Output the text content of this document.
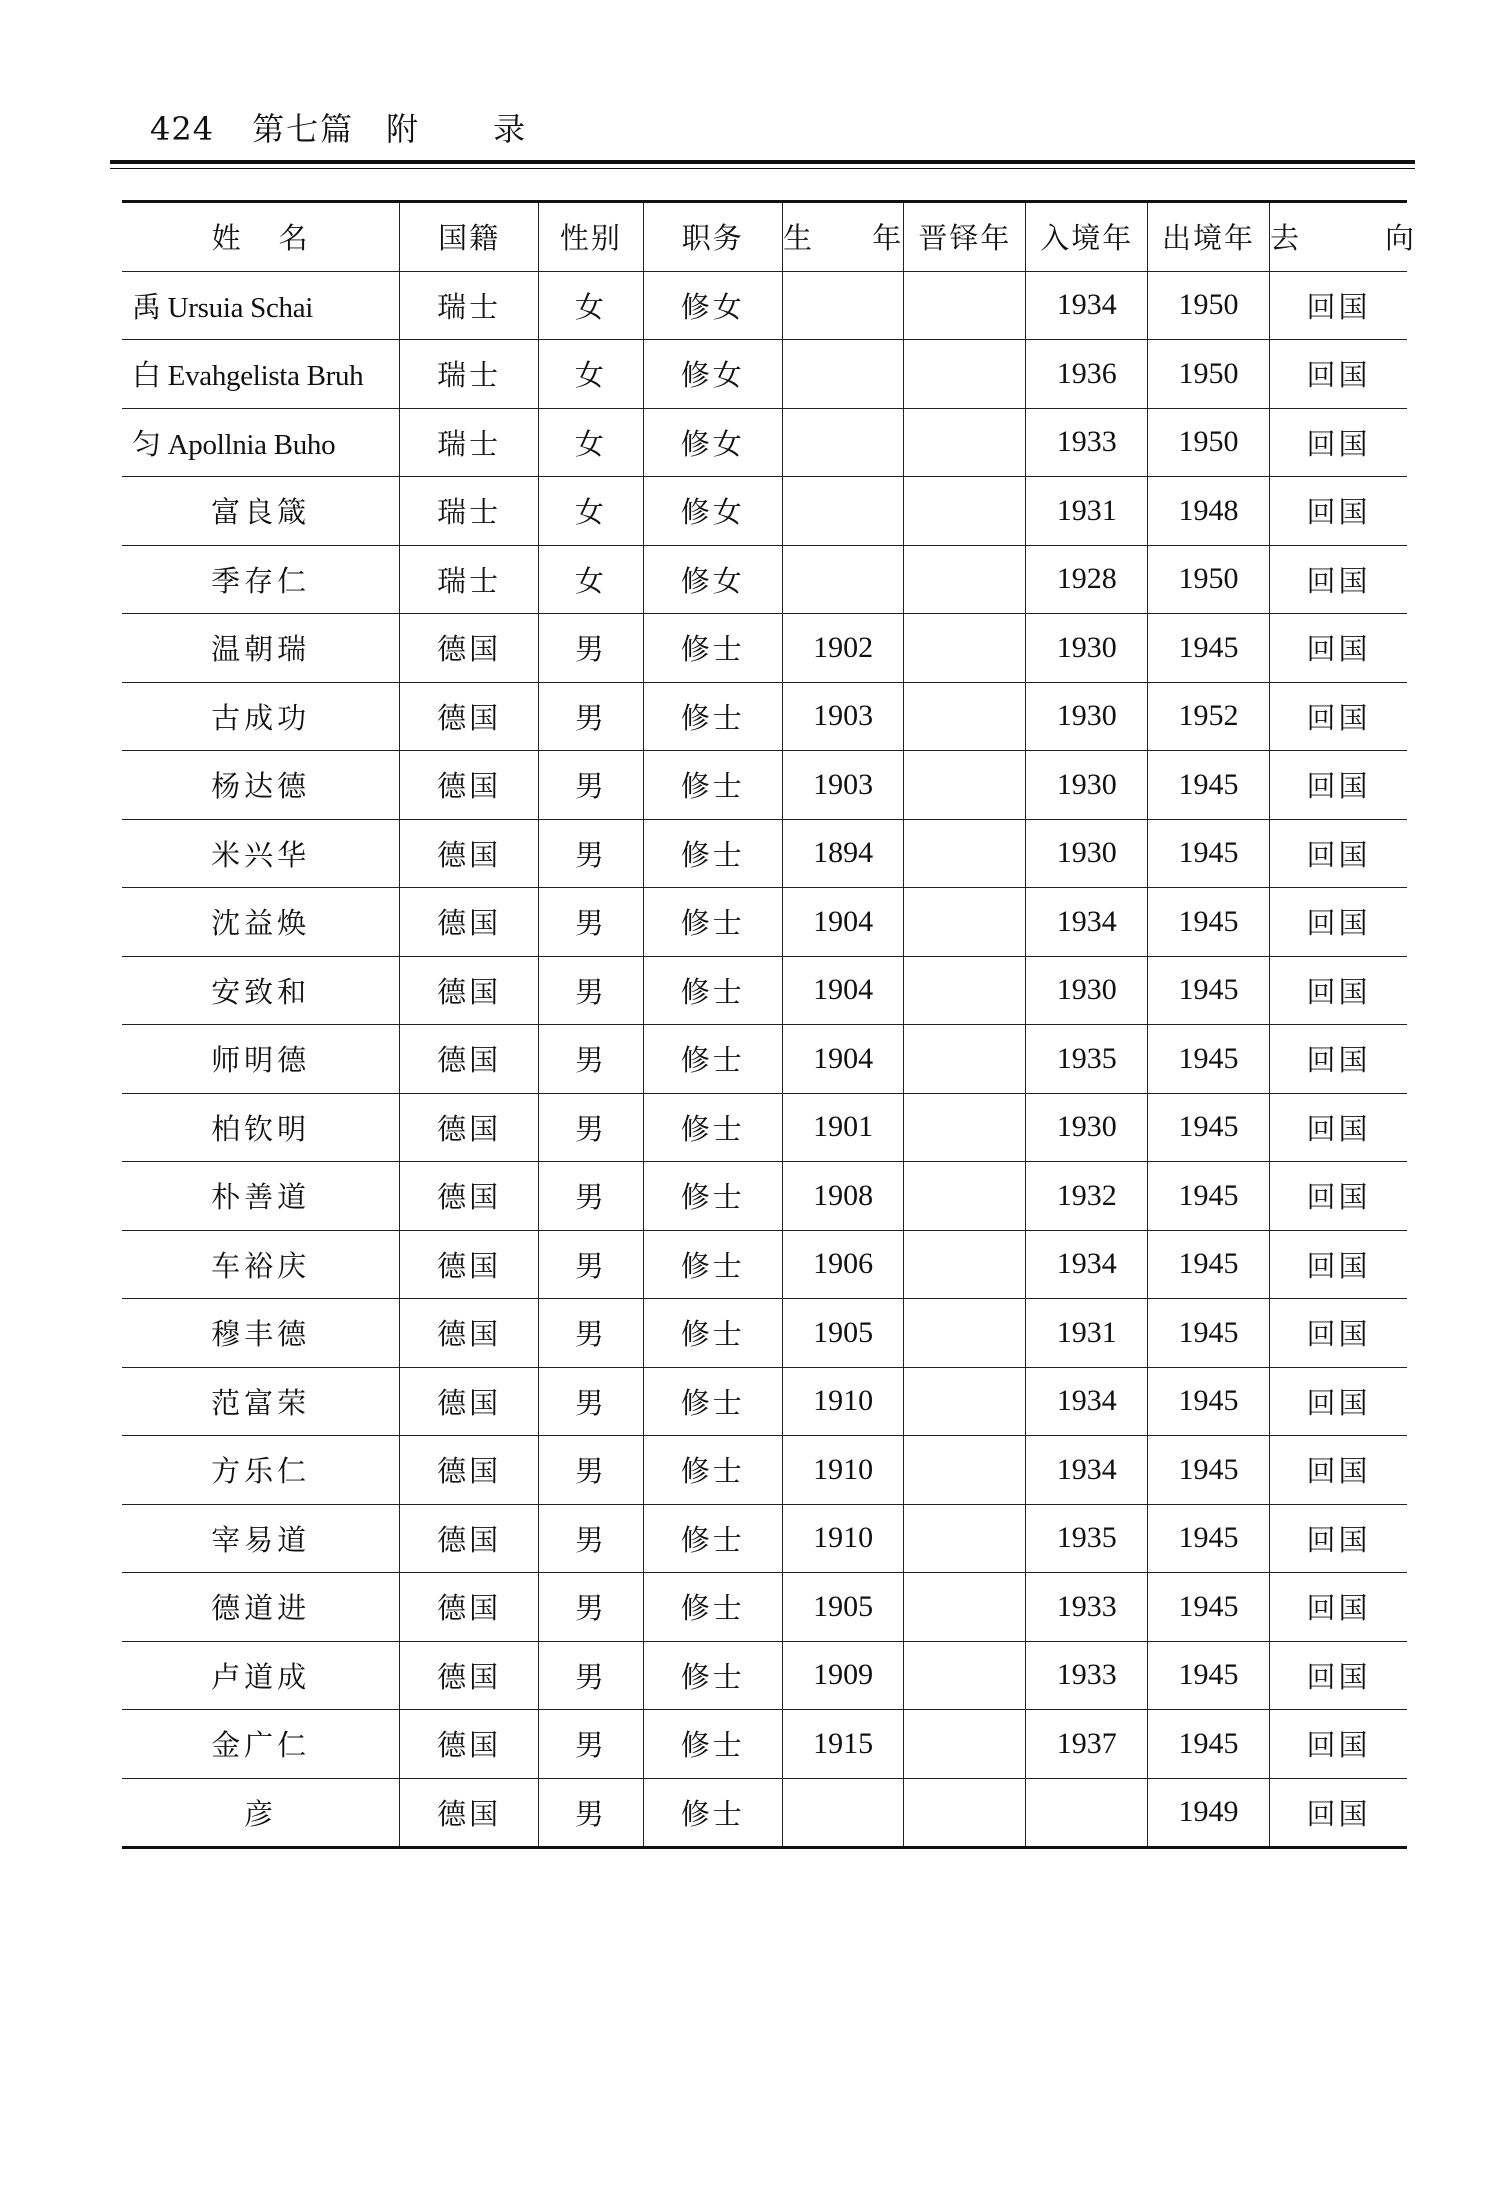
424 第七篇 附 录
姓 名	国籍	性别	职务	生 年	晋铎年	入境年	出境年	去 向
禹 Ursuia Schai	瑞士	女	修女			1934	1950	回国
白 Evahgelista Bruh	瑞士	女	修女			1936	1950	回国
匀 Apollnia Buho	瑞士	女	修女			1933	1950	回国
富良箴	瑞士	女	修女			1931	1948	回国
季存仁	瑞士	女	修女			1928	1950	回国
温朝瑞	德国	男	修士	1902		1930	1945	回国
古成功	德国	男	修士	1903		1930	1952	回国
杨达德	德国	男	修士	1903		1930	1945	回国
米兴华	德国	男	修士	1894		1930	1945	回国
沈益焕	德国	男	修士	1904		1934	1945	回国
安致和	德国	男	修士	1904		1930	1945	回国
师明德	德国	男	修士	1904		1935	1945	回国
柏钦明	德国	男	修士	1901		1930	1945	回国
朴善道	德国	男	修士	1908		1932	1945	回国
车裕庆	德国	男	修士	1906		1934	1945	回国
穆丰德	德国	男	修士	1905		1931	1945	回国
范富荣	德国	男	修士	1910		1934	1945	回国
方乐仁	德国	男	修士	1910		1934	1945	回国
宰易道	德国	男	修士	1910		1935	1945	回国
德道进	德国	男	修士	1905		1933	1945	回国
卢道成	德国	男	修士	1909		1933	1945	回国
金广仁	德国	男	修士	1915		1937	1945	回国
彦	德国	男	修士				1949	回国
